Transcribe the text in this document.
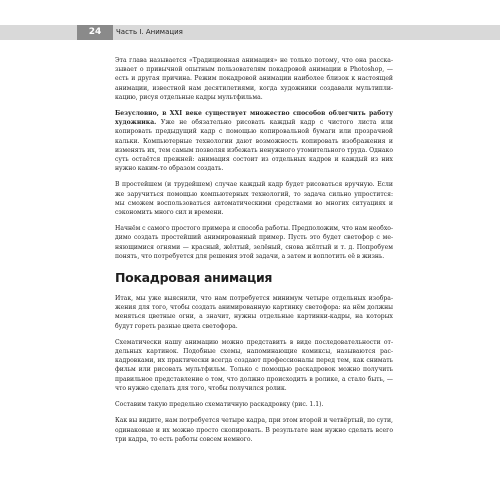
24	Часть I. Анимация

Эта глава называется «Традиционная анимация» не только потому, что она рассказывает о привычной опытным пользователям покадровой анимации в Photoshop, — есть и другая причина. Режим покадровой анимации наиболее близок к настоящей анимации, известной нам десятилетиями, когда художники создавали мультипликацию, рисуя отдельные кадры мультфильма.

Безусловно, в XXI веке существует множество способов облегчить работу художника. Уже не обязательно рисовать каждый кадр с чистого листа или копировать предыдущий кадр с помощью копировальной бумаги или прозрачной кальки. Компьютерные технологии дают возможность копировать изображения и изменять их, тем самым позволяя избежать ненужного утомительного труда. Однако суть остаётся прежней: анимация состоит из отдельных кадров и каждый из них нужно каким-то образом создать.

В простейшем (и трудейшем) случае каждый кадр будет рисоваться вручную. Если же заручиться помощью компьютерных технологий, то задача сильно упростится: мы сможем воспользоваться автоматическими средствами во многих ситуациях и сэкономить много сил и времени.

Начнём с самого простого примера и способа работы. Предположим, что нам необходимо создать простейший анимированный пример. Пусть это будет светофор с меняющимися огнями — красный, жёлтый, зелёный, снова жёлтый и т. д. Попробуем понять, что потребуется для решения этой задачи, а затем и воплотить её в жизнь.

Покадровая анимация

Итак, мы уже выяснили, что нам потребуется минимум четыре отдельных изображения для того, чтобы создать анимированную картинку светофора: на нём должны меняться цветные огни, а значит, нужны отдельные картинки-кадры, на которых будут гореть разные цвета светофора.

Схематически нашу анимацию можно представить в виде последовательности отдельных картинок. Подобные схемы, напоминающие комиксы, называются раскадровками, их практически всегда создают профессионалы перед тем, как снимать фильм или рисовать мультфильм. Только с помощью раскадровок можно получить правильное представление о том, что должно происходить в ролике, а стало быть, — что нужно сделать для того, чтобы получился ролик.

Составим такую предельно схематичную раскадровку (рис. 1.1).

Как вы видите, нам потребуется четыре кадра, при этом второй и четвёртый, по сути, одинаковые и их можно просто скопировать. В результате нам нужно сделать всего три кадра, то есть работы совсем немного.
